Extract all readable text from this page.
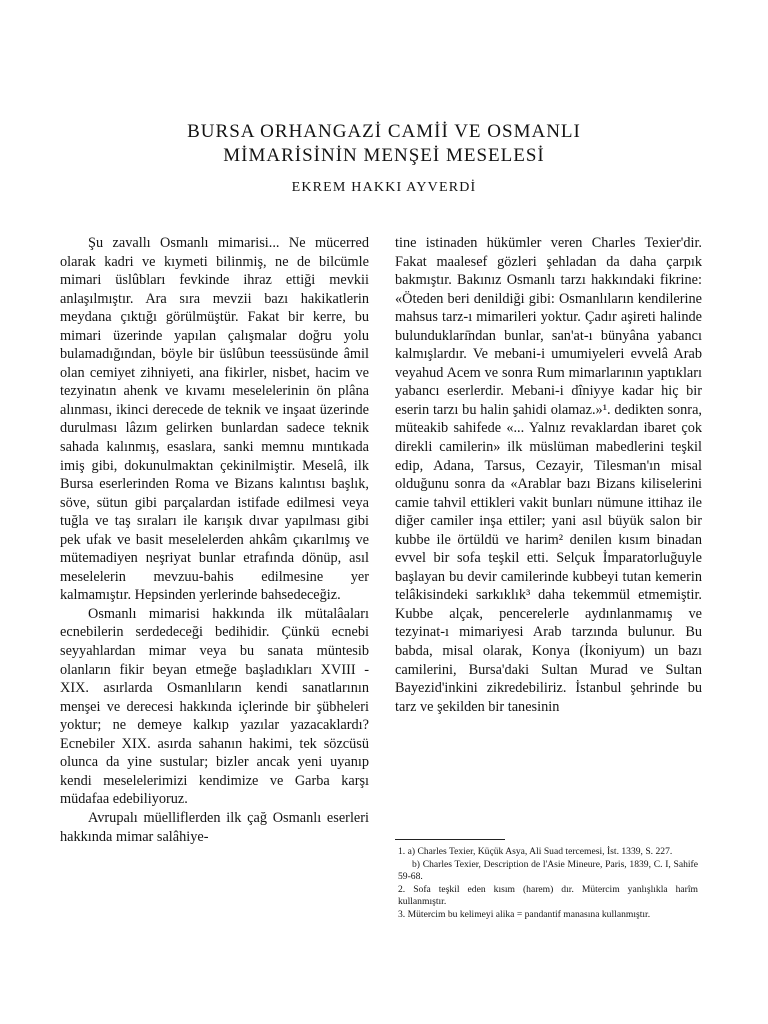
BURSA ORHANGAZİ CAMİİ VE OSMANLI
MİMARİSİNİN MENŞEİ MESELESİ
EKREM HAKKI AYVERDİ

Şu zavallı Osmanlı mimarisi... Ne mücerred olarak kadri ve kıymeti bilinmiş, ne de bilcümle mimari üslûbları fevkinde ihraz ettiği mevkii anlaşılmıştır. Ara sıra mevzii bazı hakikatlerin meydana çıktığı görülmüştür. Fakat bir kerre, bu mimari üzerinde yapılan çalışmalar doğru yolu bulamadığından, böyle bir üslûbun teessüsünde âmil olan cemiyet zihniyeti, ana fikirler, nisbet, hacim ve tezyinatın ahenk ve kıvamı meselelerinin ön plâna alınması, ikinci derecede de teknik ve inşaat üzerinde durulması lâzım gelirken bunlardan sadece teknik sahada kalınmış, esaslara, sanki memnu mıntıkada imiş gibi, dokunulmaktan çekinilmiştir. Meselâ, ilk Bursa eserlerinden Roma ve Bizans kalıntısı başlık, söve, sütun gibi parçalardan istifade edilmesi veya tuğla ve taş sıraları ile karışık dıvar yapılması gibi pek ufak ve basit meselelerden ahkâm çıkarılmış ve mütemadiyen neşriyat bunlar etrafında dönüp, asıl meselelerin mevzuu-bahis edilmesine yer kalmamıştır. Hepsinden yerlerinde bahsedeceğiz.

Osmanlı mimarisi hakkında ilk mütalâaları ecnebilerin serdedeceği bedihidir. Çünkü ecnebi seyyahlardan mimar veya bu sanata müntesib olanların fikir beyan etmeğe başladıkları XVIII - XIX. asırlarda Osmanlıların kendi sanatlarının menşei ve derecesi hakkında içlerinde bir şübheleri yoktur; ne demeye kalkıp yazılar yazacaklardı? Ecnebiler XIX. asırda sahanın hakimi, tek sözcüsü olunca da yine sustular; bizler ancak yeni uyanıp kendi meselelerimizi kendimize ve Garba karşı müdafaa edebiliyoruz.

Avrupalı müelliflerden ilk çağ Osmanlı eserleri hakkında mimar salâhiye-

tine istinaden hükümler veren Charles Texier'dir. Fakat maalesef gözleri şehladan da daha çarpık bakmıştır. Bakınız Osmanlı tarzı hakkındaki fikrine: «Öteden beri denildiği gibi: Osmanlıların kendilerine mahsus tarz-ı mimarileri yoktur. Çadır aşireti halinde bulundukları̄ndan bunlar, san'at-ı bünyâna yabancı kalmışlardır. Ve mebani-i umumiyeleri evvelâ Arab veyahud Acem ve sonra Rum mimarlarının yaptıkları yabancı eserlerdir. Mebani-i dîniyye kadar hiç bir eserin tarzı bu halin şahidi olamaz.»¹. dedikten sonra, müteakib sahifede «... Yalnız revaklardan ibaret çok direkli camilerin» ilk müslüman mabedlerini teşkil edip, Adana, Tarsus, Cezayir, Tilesman'ın misal olduğunu sonra da «Arablar bazı Bizans kiliselerini camie tahvil ettikleri vakit bunları nümune ittihaz ile diğer camiler inşa ettiler; yani asıl büyük salon bir kubbe ile örtüldü ve harim² denilen kısım binadan evvel bir sofa teşkil etti. Selçuk İmparatorluğuyle başlayan bu devir camilerinde kubbeyi tutan kemerin telâkisindeki sarkıklık³ daha tekemmül etmemiştir. Kubbe alçak, pencerelerle aydınlanmamış ve tezyinat-ı mimariyesi Arab tarzında bulunur. Bu babda, misal olarak, Konya (İkoniyum) un bazı camilerini, Bursa'daki Sultan Murad ve Sultan Bayezid'inkini zikredebiliriz. İstanbul şehrinde bu tarz ve şekilden bir tanesinin

1. a) Charles Texier, Küçük Asya, Ali Suad tercemesi, İst. 1339, S. 227.

b) Charles Texier, Description de l'Asie Mineure, Paris, 1839, C. I, Sahife 59-68.

2. Sofa teşkil eden kısım (harem) dır. Mütercim yanlışlıkla harîm kullanmıştır.

3. Mütercim bu kelimeyi alika = pandantif manasına kullanmıştır.
